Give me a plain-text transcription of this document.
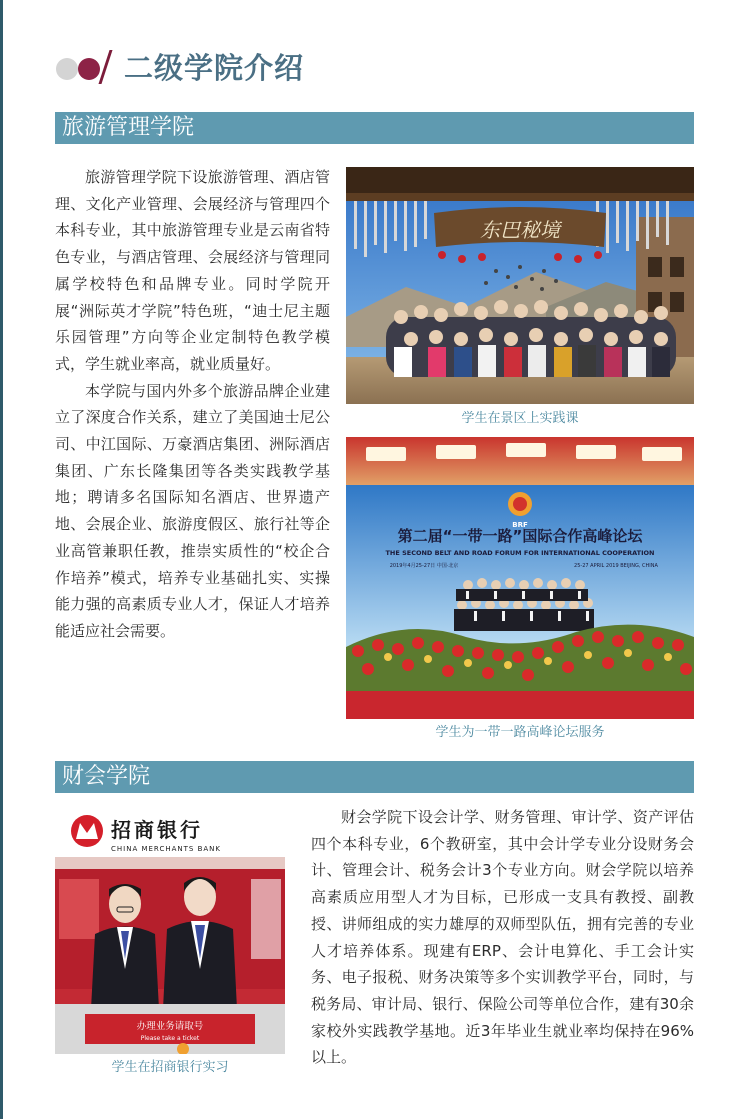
二级学院介绍
旅游管理学院

旅游管理学院下设旅游管理、酒店管理、文化产业管理、会展经济与管理四个本科专业，其中旅游管理专业是云南省特色专业，与酒店管理、会展经济与管理同属学校特色和品牌专业。同时学院开展“洲际英才学院”特色班，“迪士尼主题乐园管理”方向等企业定制特色教学模式，学生就业率高，就业质量好。

本学院与国内外多个旅游品牌企业建立了深度合作关系，建立了美国迪士尼公司、中江国际、万豪酒店集团、洲际酒店集团、广东长隆集团等各类实践教学基地；聘请多名国际知名酒店、世界遗产地、会展企业、旅游度假区、旅行社等企业高管兼职任教，推崇实质性的“校企合作培养”模式，培养专业基础扎实、实操能力强的高素质专业人才，保证人才培养能适应社会需要。

东巴秘境
学生在景区上实践课
BRF
第二届“一带一路”国际合作高峰论坛
THE SECOND BELT AND ROAD FORUM FOR INTERNATIONAL COOPERATION
2019年4月25-27日 中国·北京	25-27 APRIL 2019 BEIJING, CHINA
学生为一带一路高峰论坛服务
财会学院
招商银行
CHINA MERCHANTS BANK
办理业务请取号
Please take a ticket
学生在招商银行实习

财会学院下设会计学、财务管理、审计学、资产评估四个本科专业，6个教研室，其中会计学专业分设财务会计、管理会计、税务会计3个专业方向。财会学院以培养高素质应用型人才为目标，已形成一支具有教授、副教授、讲师组成的实力雄厚的双师型队伍，拥有完善的专业人才培养体系。现建有ERP、会计电算化、手工会计实务、电子报税、财务决策等多个实训教学平台，同时，与税务局、审计局、银行、保险公司等单位合作，建有30余家校外实践教学基地。近3年毕业生就业率均保持在96%以上。
